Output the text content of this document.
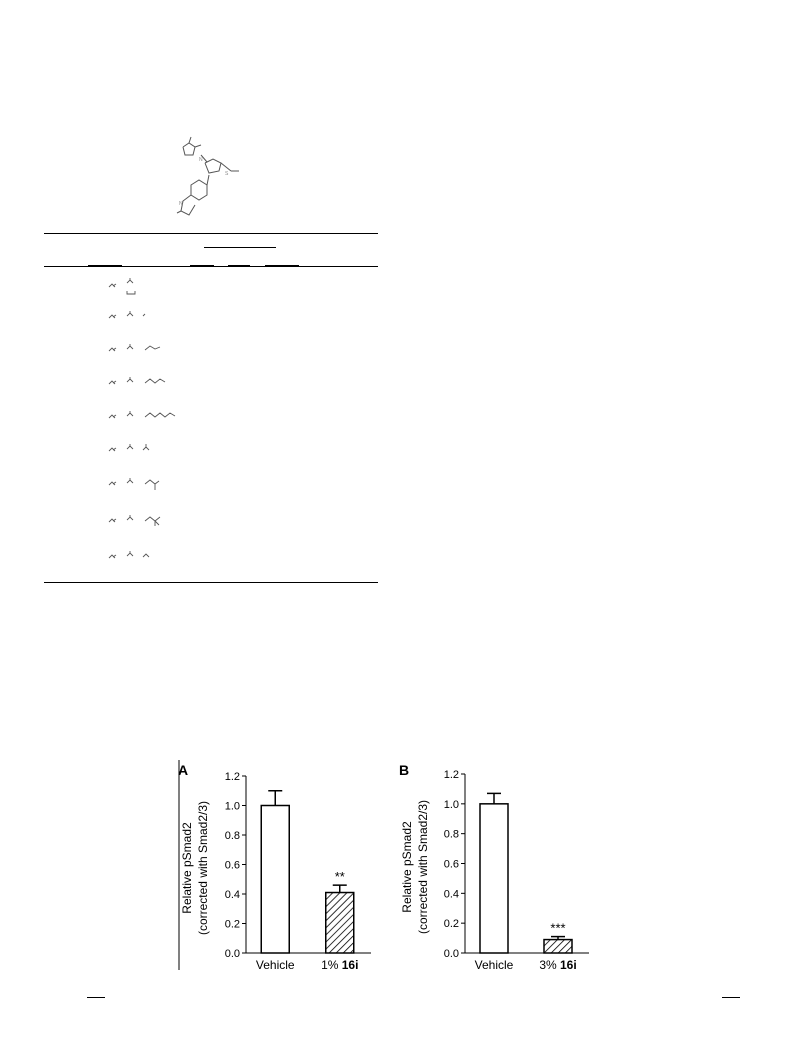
N
S
N
A
0.0
0.2
0.4
0.6
0.8
1.0
1.2
Vehicle
**
1% 16i
Relative pSmad2 (corrected with Smad2/3)
B
0.0
0.2
0.4
0.6
0.8
1.0
1.2
Vehicle
***
3% 16i
Relative pSmad2 (corrected with Smad2/3)
